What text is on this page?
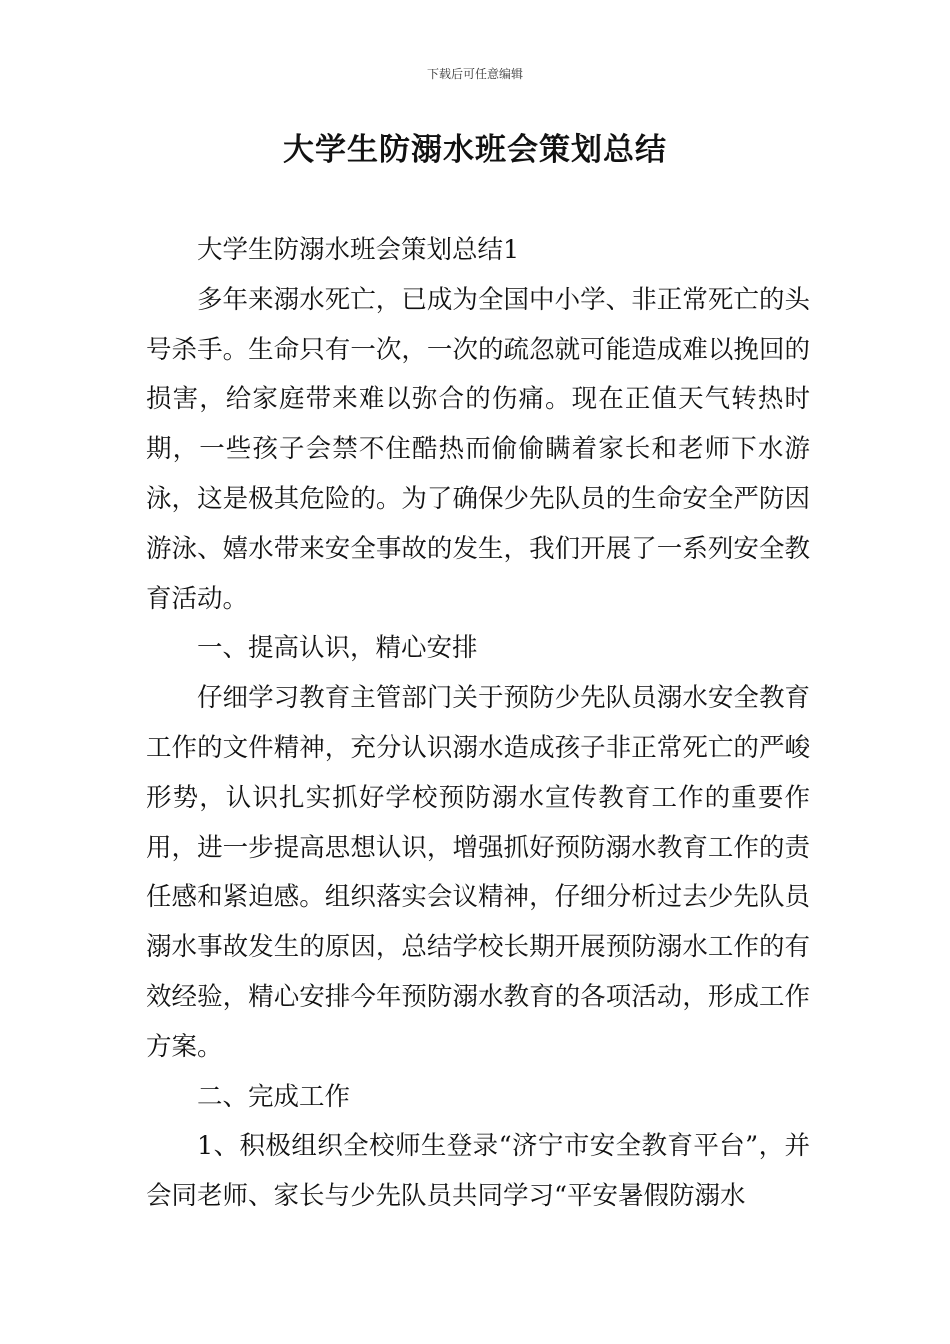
下载后可任意编辑
大学生防溺水班会策划总结

大学生防溺水班会策划总结1

多年来溺水死亡，已成为全国中小学、非正常死亡的头号杀手。生命只有一次，一次的疏忽就可能造成难以挽回的损害，给家庭带来难以弥合的伤痛。现在正值天气转热时期，一些孩子会禁不住酷热而偷偷瞒着家长和老师下水游泳，这是极其危险的。为了确保少先队员的生命安全严防因游泳、嬉水带来安全事故的发生，我们开展了一系列安全教育活动。

一、提高认识，精心安排

仔细学习教育主管部门关于预防少先队员溺水安全教育工作的文件精神，充分认识溺水造成孩子非正常死亡的严峻形势，认识扎实抓好学校预防溺水宣传教育工作的重要作用，进一步提高思想认识，增强抓好预防溺水教育工作的责任感和紧迫感。组织落实会议精神，仔细分析过去少先队员溺水事故发生的原因，总结学校长期开展预防溺水工作的有效经验，精心安排今年预防溺水教育的各项活动，形成工作方案。

二、完成工作

1、积极组织全校师生登录“济宁市安全教育平台”，并会同老师、家长与少先队员共同学习“平安暑假防溺水
